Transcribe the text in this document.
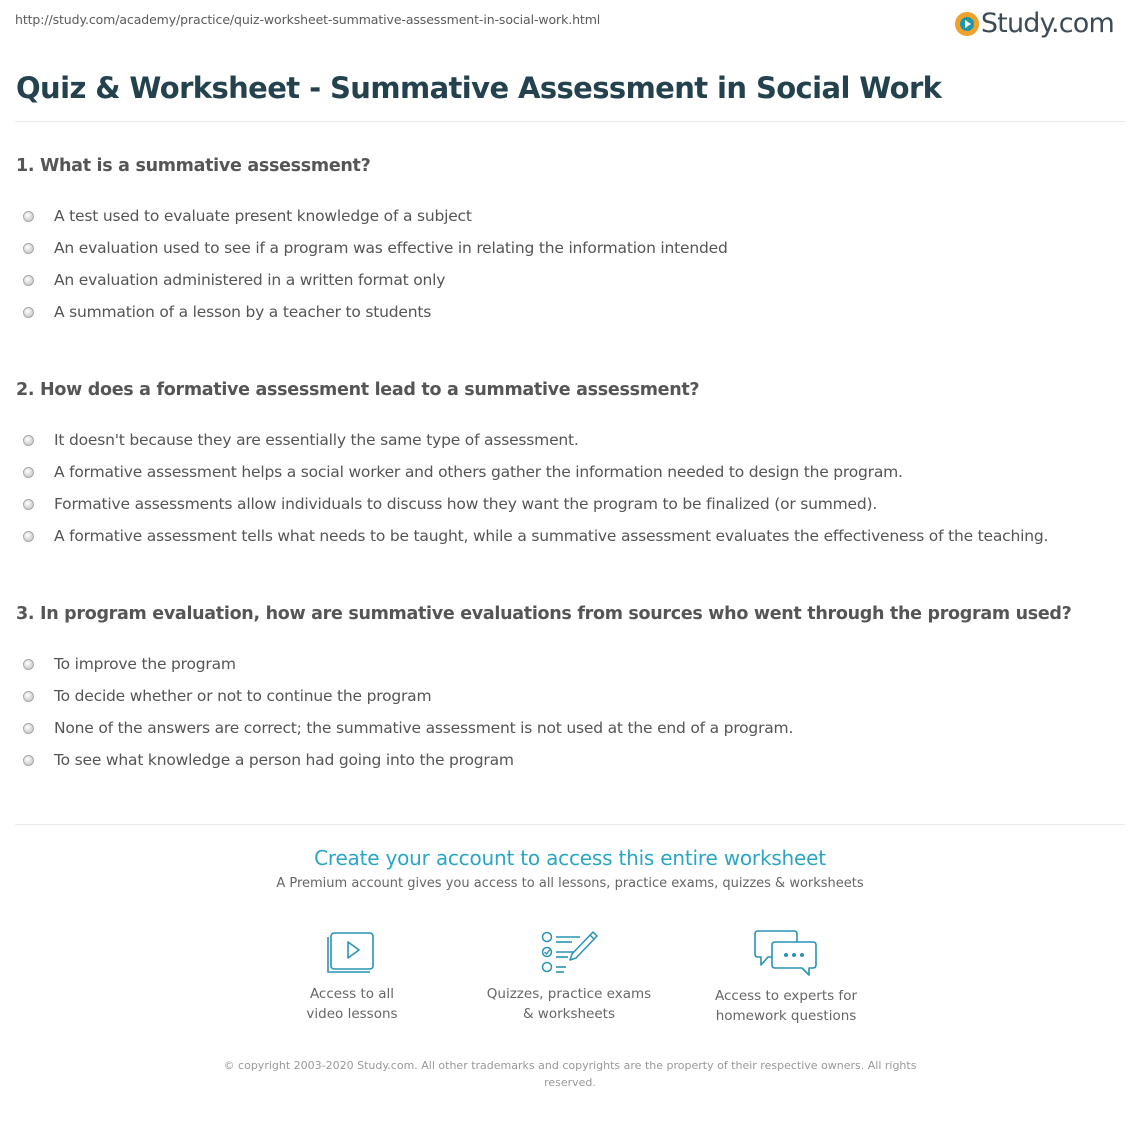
http://study.com/academy/practice/quiz-worksheet-summative-assessment-in-social-work.html	Study.com
Quiz & Worksheet - Summative Assessment in Social Work
1. What is a summative assessment?
A test used to evaluate present knowledge of a subject
An evaluation used to see if a program was effective in relating the information intended
An evaluation administered in a written format only
A summation of a lesson by a teacher to students
2. How does a formative assessment lead to a summative assessment?
It doesn't because they are essentially the same type of assessment.
A formative assessment helps a social worker and others gather the information needed to design the program.
Formative assessments allow individuals to discuss how they want the program to be finalized (or summed).
A formative assessment tells what needs to be taught, while a summative assessment evaluates the effectiveness of the teaching.
3. In program evaluation, how are summative evaluations from sources who went through the program used?
To improve the program
To decide whether or not to continue the program
None of the answers are correct; the summative assessment is not used at the end of a program.
To see what knowledge a person had going into the program
Create your account to access this entire worksheet
A Premium account gives you access to all lessons, practice exams, quizzes & worksheets
Access to all
video lessons
Quizzes, practice exams
& worksheets
Access to experts for
homework questions
© copyright 2003-2020 Study.com. All other trademarks and copyrights are the property of their respective owners. All rights reserved.
